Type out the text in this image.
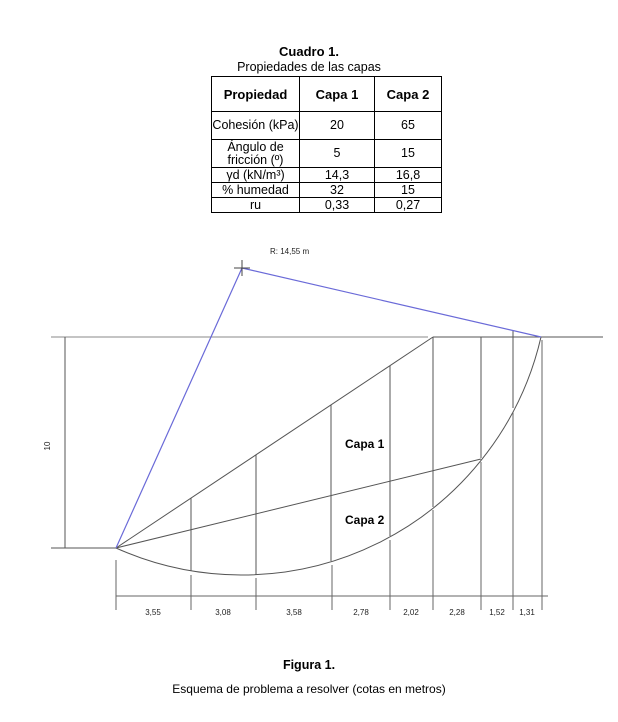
Cuadro 1.
Propiedades de las capas
Propiedad	Capa 1	Capa 2
Cohesión (kPa)	20	65
Ángulo de fricción (º)	5	15
γd (kN/m³)	14,3	16,8
% humedad	32	15
ru	0,33	0,27
R: 14,55 m
10	Capa 1
Capa 2
3,55	3,08	3,58	2,78	2,02	2,28	1,52 1,31
Figura 1.
Esquema de problema a resolver (cotas en metros)
